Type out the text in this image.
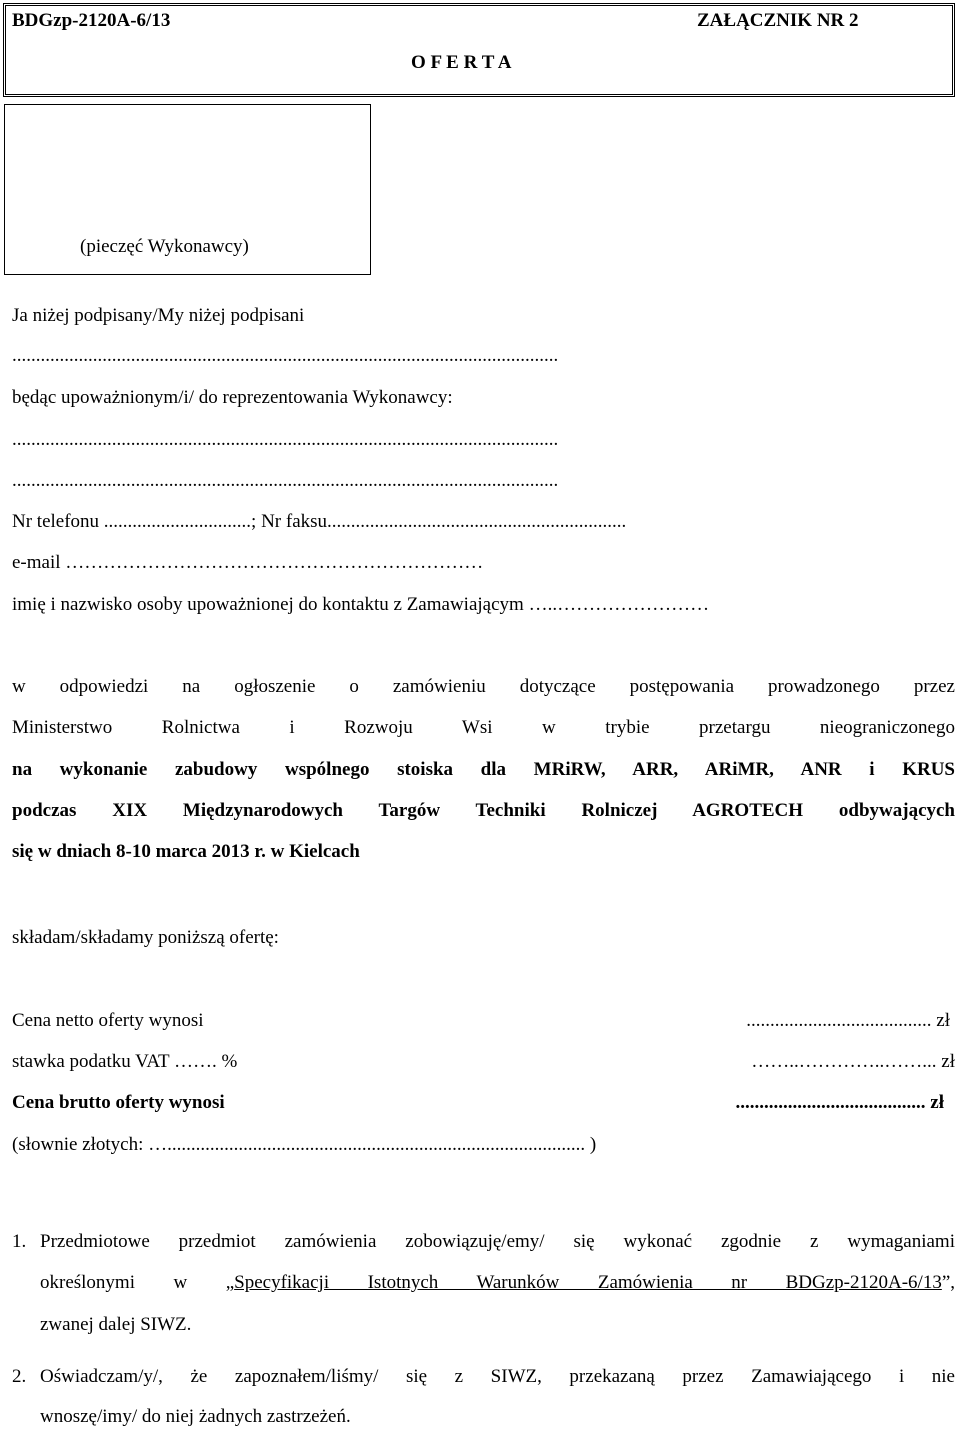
BDGzp-2120A-6/13	ZAŁĄCZNIK NR 2
O F E R T A
(pieczęć Wykonawcy)
Ja niżej podpisany/My niżej podpisani
...................................................................................................................
będąc upoważnionym/i/ do reprezentowania Wykonawcy:
...................................................................................................................
...................................................................................................................
Nr telefonu ...............................; Nr faksu...............................................................
e-mail …………………………………………………………
imię i nazwisko osoby upoważnionej do kontaktu z Zamawiającym …..……………………
w odpowiedzi na ogłoszenie o zamówieniu dotyczące postępowania prowadzonego przez
Ministerstwo Rolnictwa i Rozwoju Wsi w trybie przetargu nieograniczonego
na wykonanie zabudowy wspólnego stoiska dla MRiRW, ARR, ARiMR, ANR i KRUS
podczas XIX Międzynarodowych Targów Techniki Rolniczej AGROTECH odbywających
się w dniach 8-10 marca 2013 r. w Kielcach
składam/składamy poniższą ofertę:
Cena netto oferty wynosi	....................................... zł
stawka podatku VAT ……. %	……..…………..……... zł
Cena brutto oferty wynosi	........................................ zł
(słownie złotych: …........................................................................................ )
1. Przedmiotowe przedmiot zamówienia zobowiązuję/emy/ się wykonać zgodnie z wymaganiami
określonymi w „Specyfikacji Istotnych Warunków Zamówienia nr BDGzp-2120A-6/13”,
zwanej dalej SIWZ.
2. Oświadczam/y/, że zapoznałem/liśmy/ się z SIWZ, przekazaną przez Zamawiającego i nie
wnoszę/imy/ do niej żadnych zastrzeżeń.
